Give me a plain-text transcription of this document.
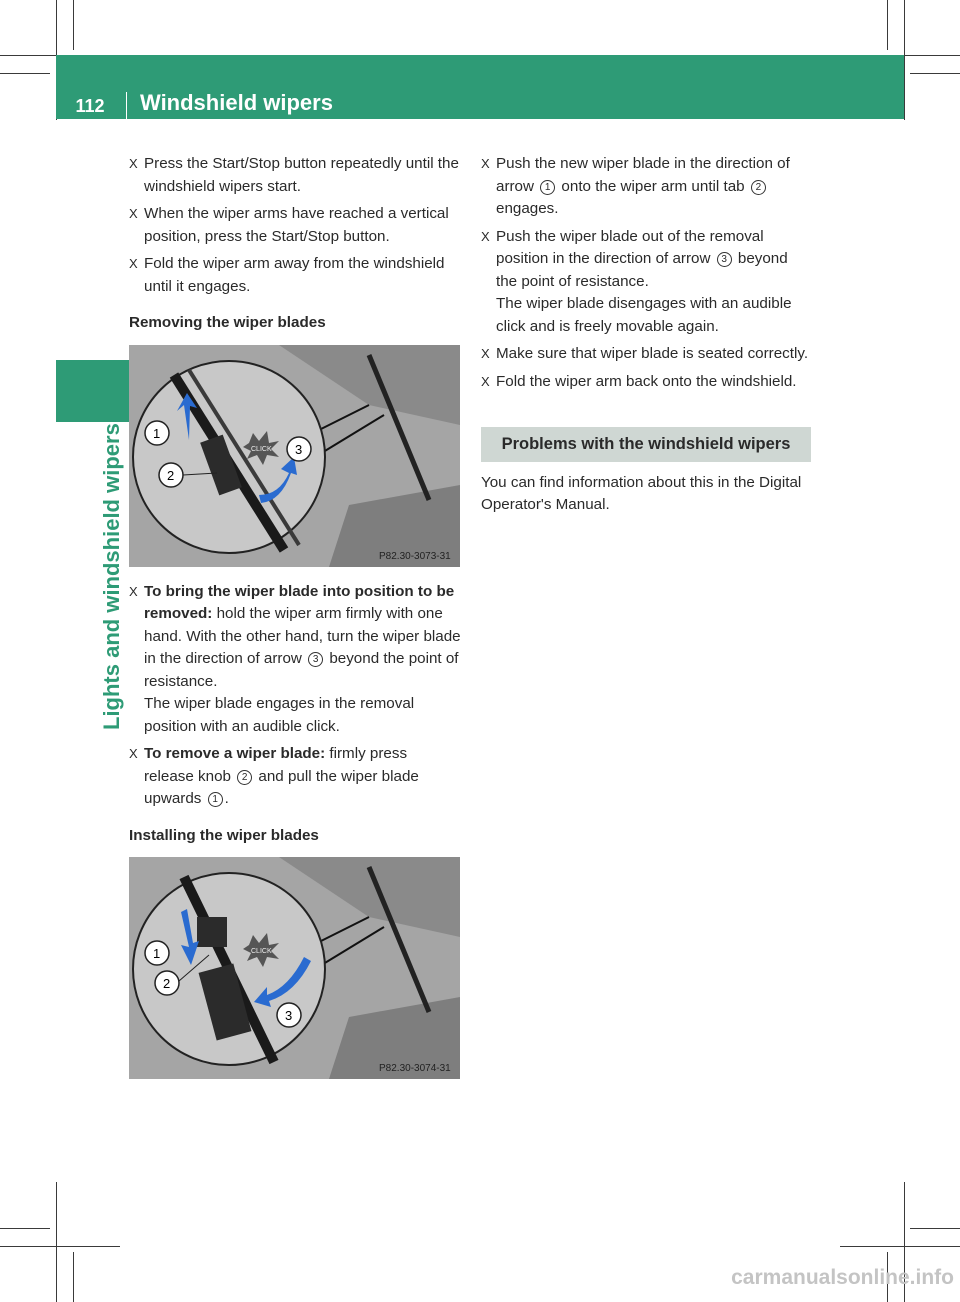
112	Windshield wipers
Lights and windshield wipers
X Press the Start/Stop button repeatedly until the windshield wipers start.
X When the wiper arms have reached a vertical position, press the Start/Stop button.
X Fold the wiper arm away from the windshield until it engages.
Removing the wiper blades
CLICK
1
2
3
P82.30-3073-31
X To bring the wiper blade into position to be removed: hold the wiper arm firmly with one hand. With the other hand, turn the wiper blade in the direction of arrow 3 beyond the point of resistance.
The wiper blade engages in the removal position with an audible click.
X To remove a wiper blade: firmly press release knob 2 and pull the wiper blade upwards 1 .
Installing the wiper blades
CLICK
1
2
3
P82.30-3074-31
X Push the new wiper blade in the direction of arrow 1 onto the wiper arm until tab 2 engages.
X Push the wiper blade out of the removal position in the direction of arrow 3 beyond the point of resistance.
The wiper blade disengages with an audible click and is freely movable again.
X Make sure that wiper blade is seated correctly.
X Fold the wiper arm back onto the windshield.
Problems with the windshield wipers
You can find information about this in the Digital Operator's Manual.
carmanualsonline.info
